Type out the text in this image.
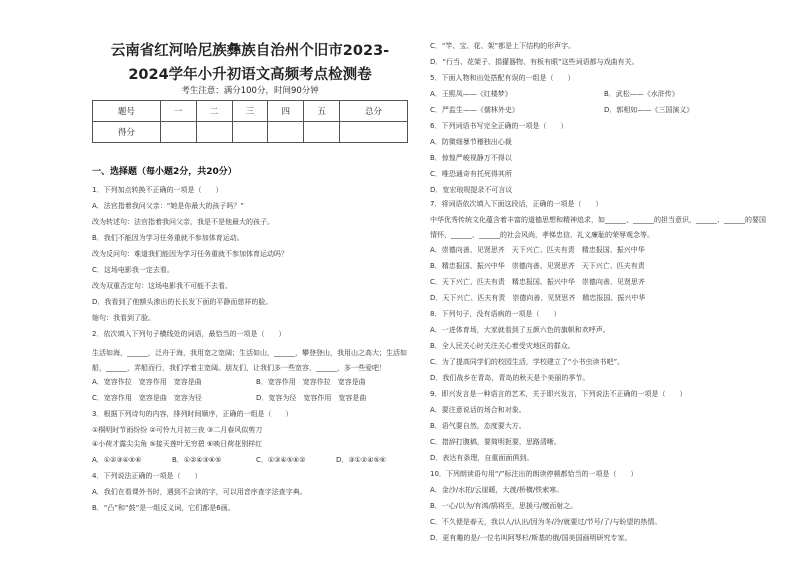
云南省红河哈尼族彝族自治州个旧市2023-2024学年小升初语文高频考点检测卷
考生注意：满分100分，时间90分钟
题号	一	二	三	四	五	总分
得分						
一、选择题（每小题2分，共20分）
1．下列加点转换不正确的一项是（　　）
A．法官指着我问父亲：“她是你最大的孩子吗？”
改为转述句：法官指着我问父亲，我是不是他最大的孩子。
B．我们不能因为学习任务重就不参加体育运动。
改为反问句：难道我们能因为学习任务重就不参加体育运动吗？
C．这场电影我一定去看。
改为双重否定句：这场电影我不可能不去看。
D．我看到了他额头渗出的长长发下面的平静而慈祥的脸。
缩句：我看到了脸。
2．依次填入下列句子横线处的词语，最恰当的一项是（　　）
生活如海，______，泛舟于海，我用宽之宽阔；生活如山，______，攀登登山，我用山之高大；生活如船，______，弄船而行，我们学着主宽阔。朋友们，让我们多一些宽容，______，多一些爱吧！
A．宽容作拉　宽容作用　宽容是曲	B．宽容作用　宽容作拉　宽容是曲
C．宽容作用　宽容是曲　宽容为径	D．宽容为径　宽容作用　宽容是曲
3．根据下列诗句的内容，排列时间顺序，正确的一组是（　　）
①桐明时节雨纷纷 ②可怜九月初三夜 ③二月春风似剪刀
④小荷才露尖尖角 ⑤接天莲叶无穷碧 ⑥映日荷花别样红
A．①②③④⑤⑥	B．①②④③⑥⑤	C．①③④⑤⑥②	D．③①②④⑤⑥
4．下列说法正确的一项是（　　）
A．我们在看课外书时，遇到不会读的字，可以用音序查字法查字典。
B．“凸”和“鼓”是一组反义词，它们都是6画。
C．“竿、宝、花、架”都是上下结构的形声字。
D．“行当、花架子、捐獾器物、有板有眼”这些词语都与戏曲有关。
5．下面人物和出处搭配有误的一组是（　　）
A．王熙凤——《红楼梦》	B．武松——《水浒传》
C．严监生——《儒林外史》	D．郭相如——《三国演义》
6．下列词语书写完全正确的一项是（　　）
A．防微细暴节稽独出心裁
B．惊惶严峻视静万不得以
C．唯恐通奇有托死得其所
D．宽宏琅规提录不可言议
7．将词语依次填入下面这段话，正确的一项是（　　）
中华优秀传统文化蕴含着丰富的道德思想和精神追求，如______、______的担当意识，______、______的要国情怀，______、______的社会风尚，孝悌忠信、礼义廉耻的荣辱观念等。
A．崇德向善、见贤思齐　天下兴亡、匹夫有责　精忠报国、振兴中华
B．精忠报国、振兴中华　崇德向善、见贤思齐　天下兴亡、匹夫有责
C．天下兴亡、匹夫有责　精忠报国、振兴中华　崇德向善、见贤思齐
D．天下兴亡、匹夫有责　崇德向善、见贤思齐　精忠报国、振兴中华
8．下列句子，没有语病的一项是（　　）
A．一进体育场，大家就看到了五颜六色的旗帜和欢呼声。
B．全人民关心时关注关心着受灾地区的群众。
C．为了提高同学们的校园生活，学校建立了“小书虫读书吧”。
D．我们战乡在青岛，青岛的秋天是个美丽的季节。
9．即兴发言是一种语言的艺术，关于即兴发言，下列说法不正确的一项是（　　）
A．要注意说话的场合和对象。
B．语气要自然，态度要大方。
C．措辞打腹稿，要简明扼要，思路清晰。
D．表达有条理，自重面面俱到。
10．下列朗读语句用“/”标注出的朗读停顿都恰当的一项是（　　）
A．金沙/水拍/云崖暖，大渡/桥横/铁索寒。
B．一心/以为/有鸿/鹄将至，思援弓/缴而射之。
C．不久便是春天，我以人/认出/因为冬/冷/就要过/节号/了/与盼望的热情。
D．更有趣的是/一位名叫阿琴杉/斯基的俄/国美国画明研究专家。
